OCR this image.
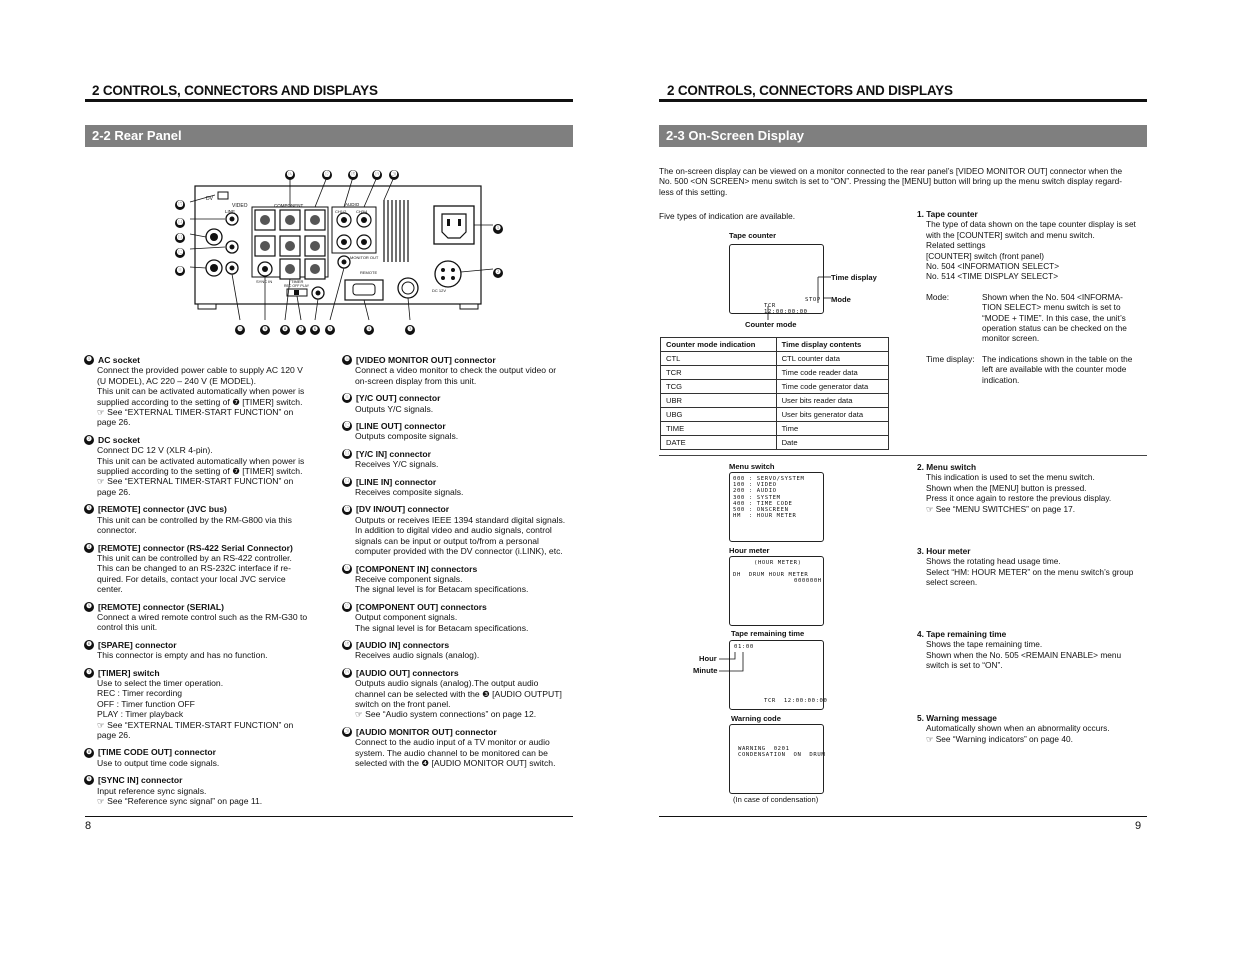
2 CONTROLS, CONNECTORS AND DISPLAYS
2-2 Rear Panel
DV
VIDEO
LINE
COMPONENT	AUDIO
CH1/2 CH3/4
SYNC IN	TIMER
REC OFF PLAY
MONITOR OUT
REMOTE
DC 12V
⓰	⓱	⓲	⓳ ⓴
⓯
⓮
⓭
⓬
⓫
❶
❷
❿	❾	❽	❼	❻	❺	❹	❸
❶ AC socket
Connect the provided power cable to supply AC 120 V
(U MODEL), AC 220 – 240 V (E MODEL).
This unit can be activated automatically when power is
supplied according to the setting of ❼ [TIMER] switch.
☞ See “EXTERNAL TIMER-START FUNCTION” on
page 26.
❷ DC socket
Connect DC 12 V (XLR 4-pin).
This unit can be activated automatically when power is
supplied according to the setting of ❼ [TIMER] switch.
☞ See “EXTERNAL TIMER-START FUNCTION” on
page 26.
❸ [REMOTE] connector (JVC bus)
This unit can be controlled by the RM-G800 via this
connector.
❹ [REMOTE] connector (RS-422 Serial Connector)
This unit can be controlled by an RS-422 controller.
This can be changed to an RS-232C interface if re-
quired. For details, contact your local JVC service
center.
❺ [REMOTE] connector (SERIAL)
Connect a wired remote control such as the RM-G30 to
control this unit.
❻ [SPARE] connector
This connector is empty and has no function.
❼ [TIMER] switch
Use to select the timer operation.
REC : Timer recording
OFF : Timer function OFF
PLAY : Timer playback
☞ See “EXTERNAL TIMER-START FUNCTION” on
page 26.
❽ [TIME CODE OUT] connector
Use to output time code signals.
❾ [SYNC IN] connector
Input reference sync signals.
☞ See “Reference sync signal” on page 11.
❿ [VIDEO MONITOR OUT] connector
Connect a video monitor to check the output video or
on-screen display from this unit.
⓫ [Y/C OUT] connector
Outputs Y/C signals.
⓬ [LINE OUT] connector
Outputs composite signals.
⓭ [Y/C IN] connector
Receives Y/C signals.
⓮ [LINE IN] connector
Receives composite signals.
⓯ [DV IN/OUT] connector
Outputs or receives IEEE 1394 standard digital signals.
In addition to digital video and audio signals, control
signals can be input or output to/from a personal
computer provided with the DV connector (i.LINK), etc.
⓰ [COMPONENT IN] connectors
Receive component signals.
The signal level is for Betacam specifications.
⓱ [COMPONENT OUT] connectors
Output component signals.
The signal level is for Betacam specifications.
⓲ [AUDIO IN] connectors
Receives audio signals (analog).
⓳ [AUDIO OUT] connectors
Outputs audio signals (analog).The output audio
channel can be selected with the ❸ [AUDIO OUTPUT]
switch on the front panel.
☞ See “Audio system connections” on page 12.
⓴ [AUDIO MONITOR OUT] connector
Connect to the audio input of a TV monitor or audio
system. The audio channel to be monitored can be
selected with the ❹ [AUDIO MONITOR OUT] switch.
8
2 CONTROLS, CONNECTORS AND DISPLAYS
2-3 On-Screen Display
The on-screen display can be viewed on a monitor connected to the rear panel’s [VIDEO MONITOR OUT] connector when the
No. 500 <ON SCREEN> menu switch is set to “ON”. Pressing the [MENU] button will bring up the menu switch display regard-
less of this setting.
Five types of indication are available.
Tape counter
STOP
TCR 12:00:00:00
Time display
Mode
Counter mode
Counter mode indication	Time display contents
CTL	CTL counter data
TCR	Time code reader data
TCG	Time code generator data
UBR	User bits reader data
UBG	User bits generator data
TIME	Time
DATE	Date
Menu switch
000 : SERVO/SYSTEM
100 : VIDEO
200 : AUDIO
300 : SYSTEM
400 : TIME CODE
500 : ONSCREEN
HM  : HOUR METER
Hour meter
(HOUR METER)
DH  DRUM HOUR METER
000000H
Tape remaining time
01:00
TCR  12:00:00:00
Hour
Minute
Warning code
WARNING  0201
CONDENSATION  ON  DRUM
(In case of condensation)
1. Tape counter
The type of data shown on the tape counter display is set
with the [COUNTER] switch and menu switch.
Related settings
[COUNTER] switch (front panel)
No. 504 <INFORMATION SELECT>
No. 514 <TIME DISPLAY SELECT>
Mode:	Shown when the No. 504 <INFORMA-
TION SELECT> menu switch is set to
“MODE + TIME”. In this case, the unit’s
operation status can be checked on the
monitor screen.
Time display: The indications shown in the table on the
left are available with the counter mode
indication.
2. Menu switch
This indication is used to set the menu switch.
Shown when the [MENU] button is pressed.
Press it once again to restore the previous display.
☞ See “MENU SWITCHES” on page 17.
3. Hour meter
Shows the rotating head usage time.
Select “HM: HOUR METER” on the menu switch’s group
select screen.
4. Tape remaining time
Shows the tape remaining time.
Shown when the No. 505 <REMAIN ENABLE> menu
switch is set to “ON”.
5. Warning message
Automatically shown when an abnormality occurs.
☞ See “Warning indicators” on page 40.
9
